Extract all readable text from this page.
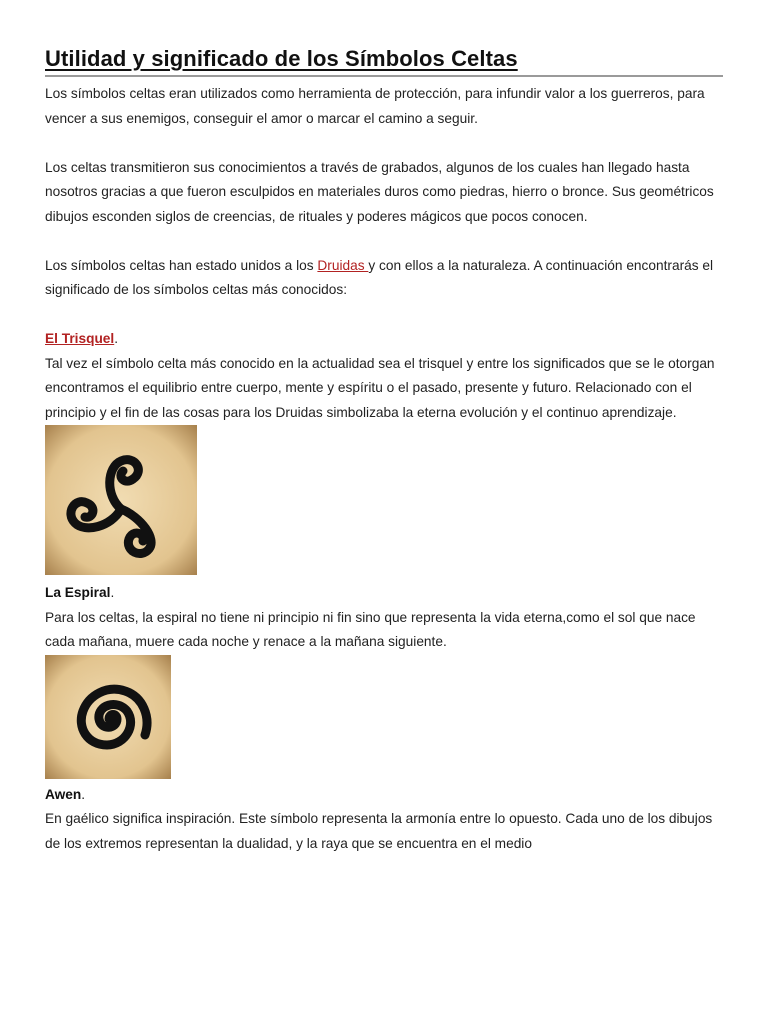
Utilidad y significado de los Símbolos Celtas

Los símbolos celtas eran utilizados como herramienta de protección, para infundir valor a los guerreros, para vencer a sus enemigos, conseguir el amor o marcar el camino a seguir.

Los celtas transmitieron sus conocimientos a través de grabados, algunos de los cuales han llegado hasta nosotros gracias a que fueron esculpidos en materiales duros como piedras, hierro o bronce. Sus geométricos dibujos esconden siglos de creencias, de rituales y poderes mágicos que pocos conocen.

Los símbolos celtas han estado unidos a los Druidas y con ellos a la naturaleza. A continuación encontrarás el significado de los símbolos celtas más conocidos:

El Trisquel.

Tal vez el símbolo celta más conocido en la actualidad sea el trisquel y entre los significados que se le otorgan encontramos el equilibrio entre cuerpo, mente y espíritu o el pasado, presente y futuro. Relacionado con el principio y el fin de las cosas para los Druidas simbolizaba la eterna evolución y el continuo aprendizaje.

La Espiral.

Para los celtas, la espiral no tiene ni principio ni fin sino que representa la vida eterna,como el sol que nace cada mañana, muere cada noche y renace a la mañana siguiente.

Awen.

En gaélico significa inspiración. Este símbolo representa la armonía entre lo opuesto. Cada uno de los dibujos de los extremos representan la dualidad, y la raya que se encuentra en el medio
